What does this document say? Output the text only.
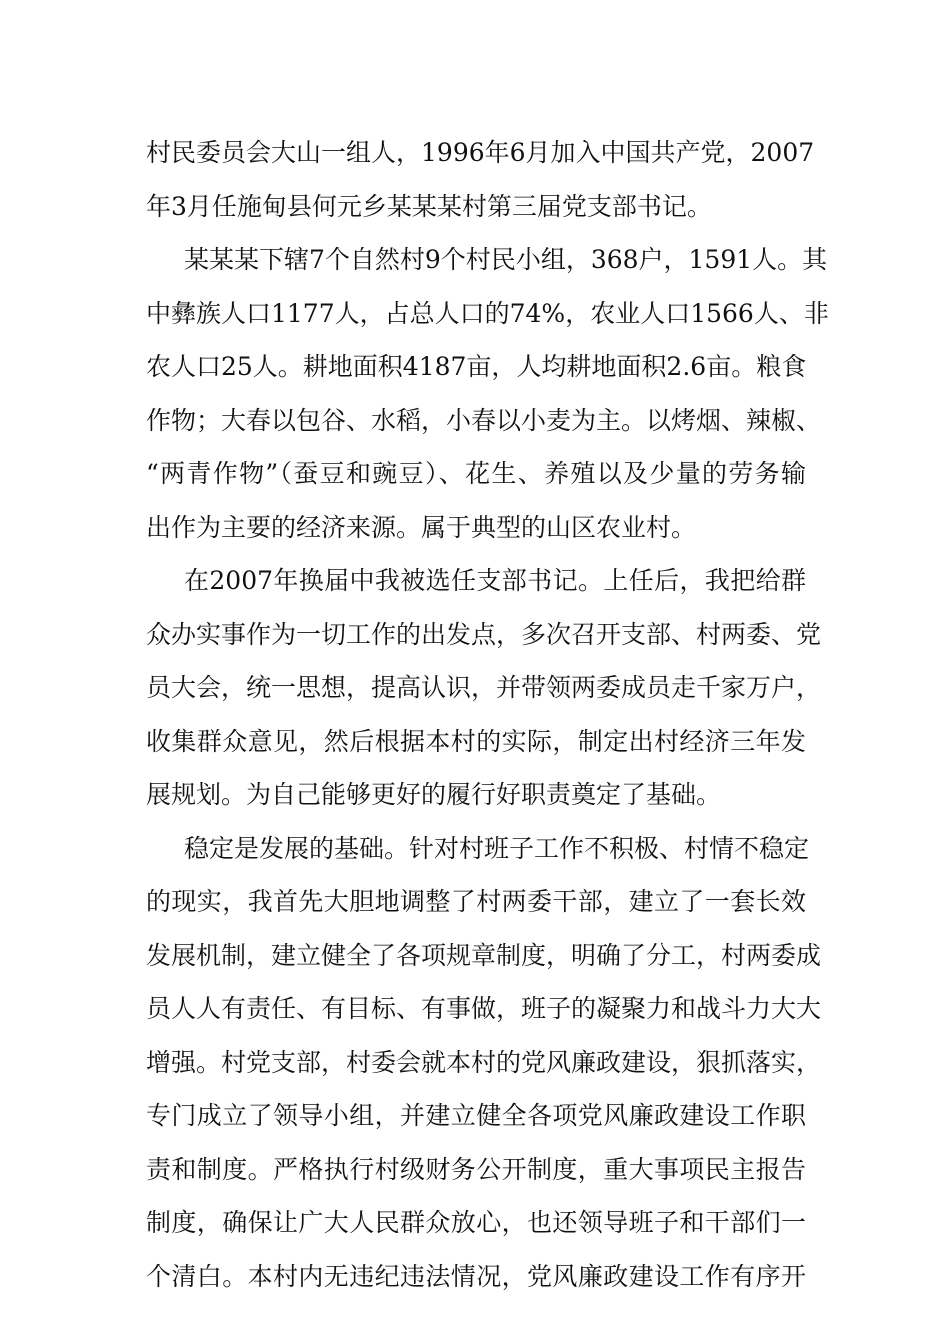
村民委员会大山一组人，1996年6月加入中国共产党，2007
年3月任施甸县何元乡某某某村第三届党支部书记。
某某某下辖7个自然村9个村民小组，368户，1591人。其
中彝族人口1177人，占总人口的74%，农业人口1566人、非
农人口25人。耕地面积4187亩，人均耕地面积2.6亩。粮食
作物；大春以包谷、水稻，小春以小麦为主。以烤烟、辣椒、
“两青作物”（蚕豆和豌豆）、花生、养殖以及少量的劳务输
出作为主要的经济来源。属于典型的山区农业村。
在2007年换届中我被选任支部书记。上任后，我把给群
众办实事作为一切工作的出发点，多次召开支部、村两委、党
员大会，统一思想，提高认识，并带领两委成员走千家万户，
收集群众意见，然后根据本村的实际，制定出村经济三年发
展规划。为自己能够更好的履行好职责奠定了基础。
稳定是发展的基础。针对村班子工作不积极、村情不稳定
的现实，我首先大胆地调整了村两委干部，建立了一套长效
发展机制，建立健全了各项规章制度，明确了分工，村两委成
员人人有责任、有目标、有事做，班子的凝聚力和战斗力大大
增强。村党支部，村委会就本村的党风廉政建设，狠抓落实，
专门成立了领导小组，并建立健全各项党风廉政建设工作职
责和制度。严格执行村级财务公开制度，重大事项民主报告
制度，确保让广大人民群众放心，也还领导班子和干部们一
个清白。本村内无违纪违法情况，党风廉政建设工作有序开
